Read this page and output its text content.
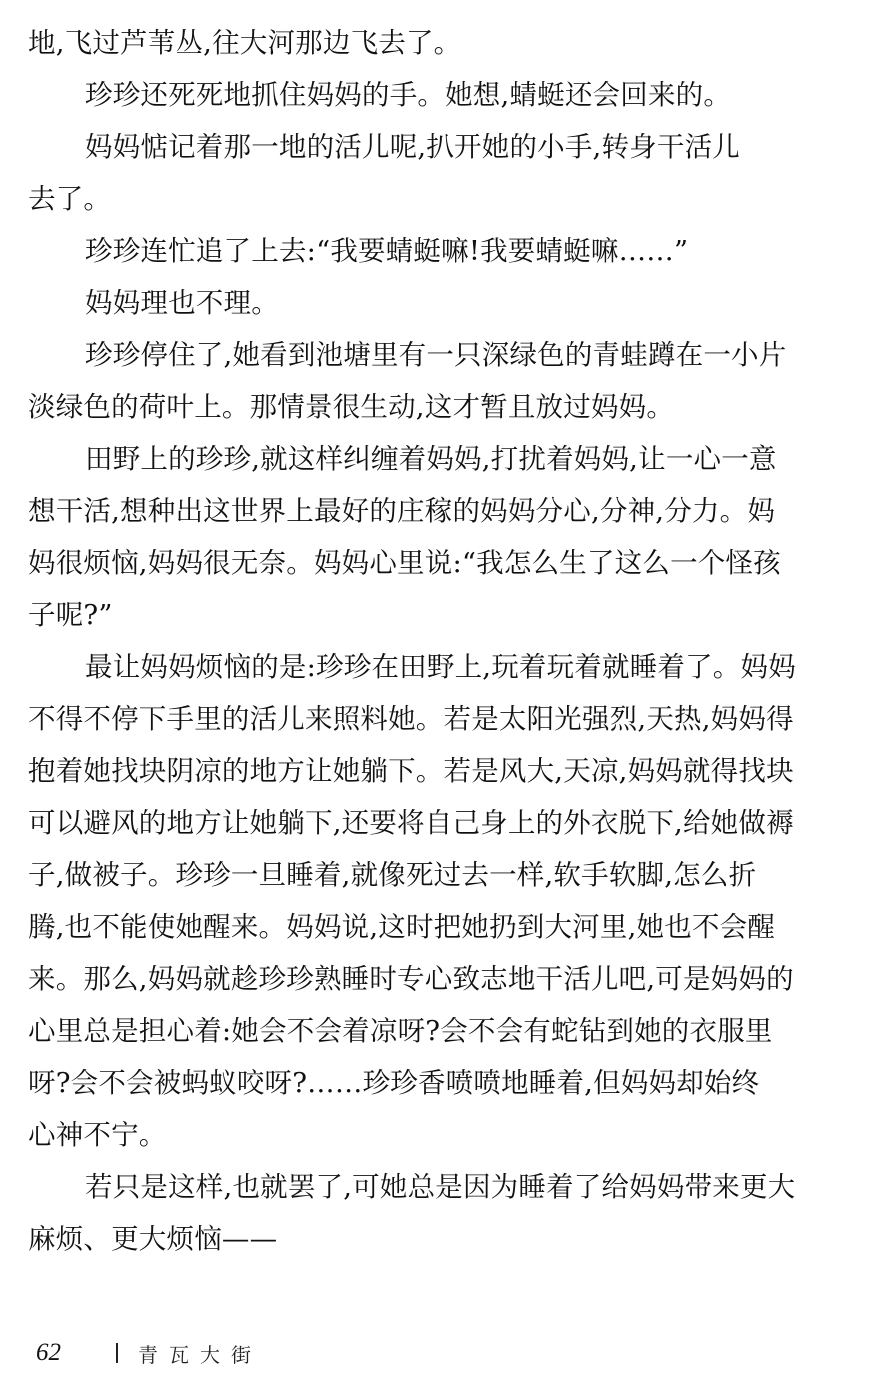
地,飞过芦苇丛,往大河那边飞去了。
珍珍还死死地抓住妈妈的手。她想,蜻蜓还会回来的。
妈妈惦记着那一地的活儿呢,扒开她的小手,转身干活儿
去了。
珍珍连忙追了上去:“我要蜻蜓嘛!我要蜻蜓嘛……”
妈妈理也不理。
珍珍停住了,她看到池塘里有一只深绿色的青蛙蹲在一小片
淡绿色的荷叶上。那情景很生动,这才暂且放过妈妈。
田野上的珍珍,就这样纠缠着妈妈,打扰着妈妈,让一心一意
想干活,想种出这世界上最好的庄稼的妈妈分心,分神,分力。妈
妈很烦恼,妈妈很无奈。妈妈心里说:“我怎么生了这么一个怪孩
子呢?”
最让妈妈烦恼的是:珍珍在田野上,玩着玩着就睡着了。妈妈
不得不停下手里的活儿来照料她。若是太阳光强烈,天热,妈妈得
抱着她找块阴凉的地方让她躺下。若是风大,天凉,妈妈就得找块
可以避风的地方让她躺下,还要将自己身上的外衣脱下,给她做褥
子,做被子。珍珍一旦睡着,就像死过去一样,软手软脚,怎么折
腾,也不能使她醒来。妈妈说,这时把她扔到大河里,她也不会醒
来。那么,妈妈就趁珍珍熟睡时专心致志地干活儿吧,可是妈妈的
心里总是担心着:她会不会着凉呀?会不会有蛇钻到她的衣服里
呀?会不会被蚂蚁咬呀?……珍珍香喷喷地睡着,但妈妈却始终
心神不宁。
若只是这样,也就罢了,可她总是因为睡着了给妈妈带来更大
麻烦、更大烦恼——
62	青瓦大街
